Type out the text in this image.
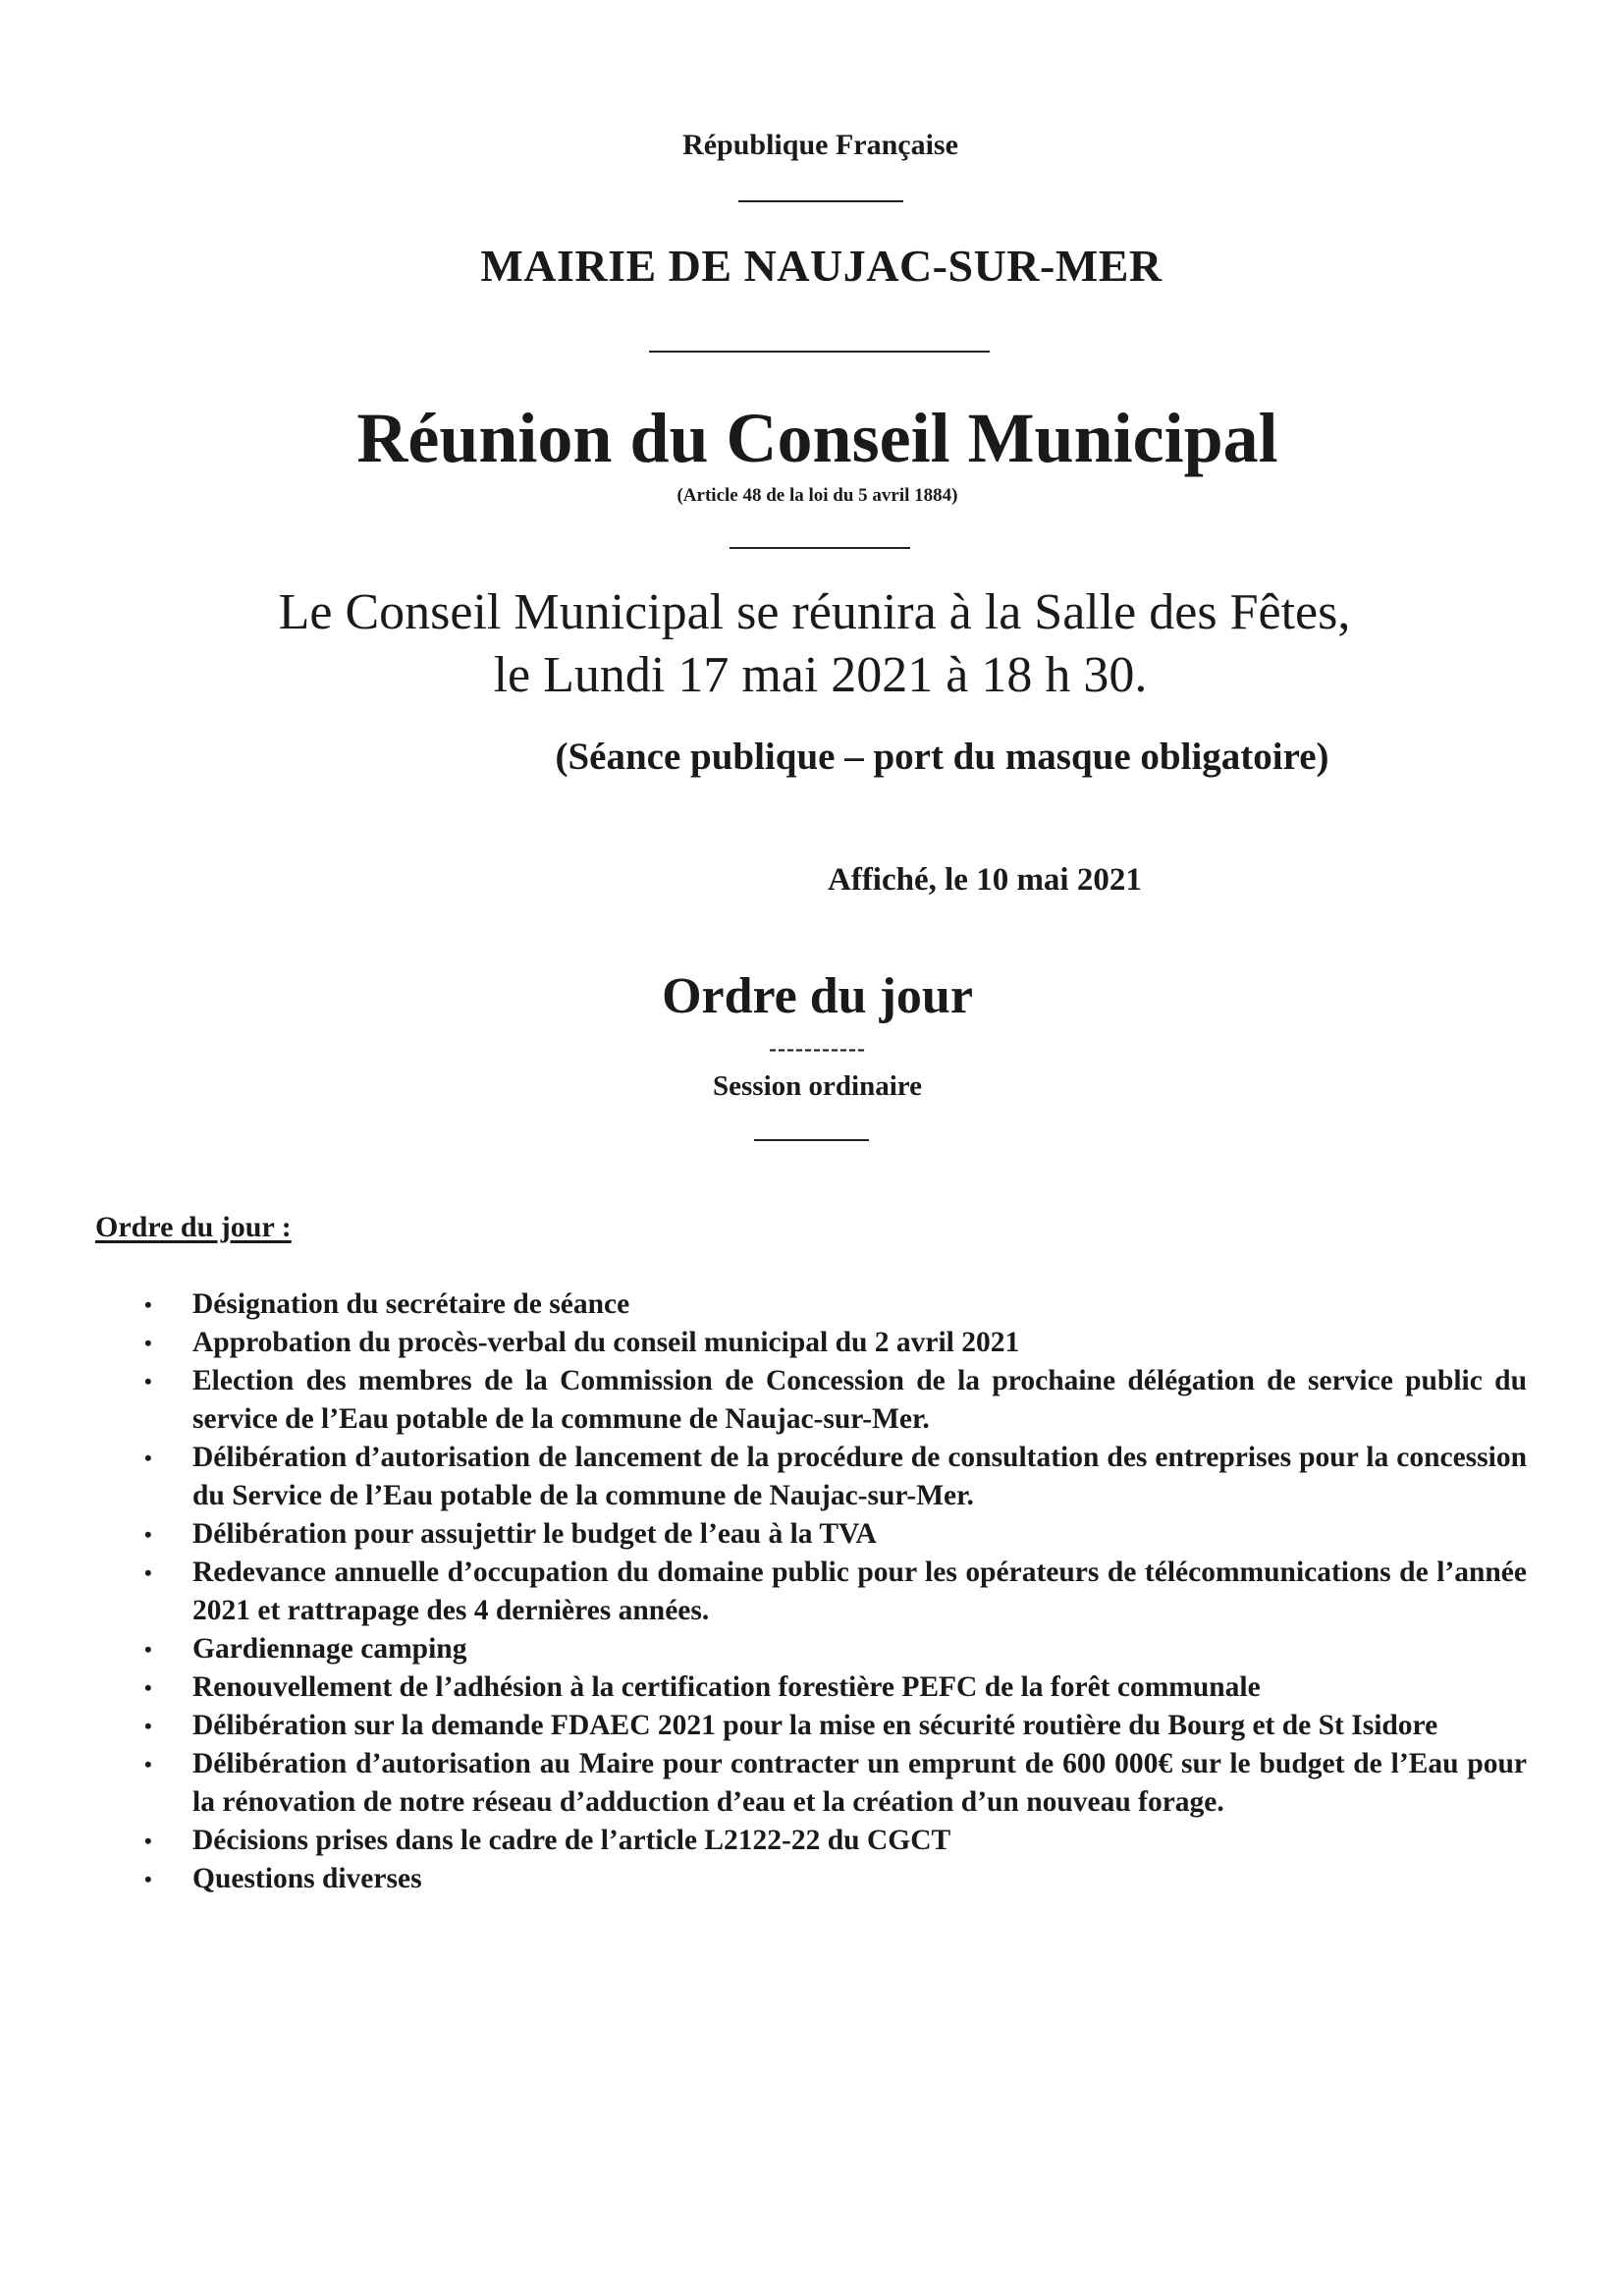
République Française
MAIRIE DE NAUJAC-SUR-MER
Réunion du Conseil Municipal
(Article 48 de la loi du 5 avril 1884)
Le Conseil Municipal se réunira à la Salle des Fêtes,
le Lundi 17 mai 2021 à 18 h 30.
(Séance publique – port du masque obligatoire)
Affiché, le 10 mai 2021
Ordre du jour
-----------
Session ordinaire
Ordre du jour :
• Désignation du secrétaire de séance
• Approbation du procès-verbal du conseil municipal du 2 avril 2021
• Election des membres de la Commission de Concession de la prochaine délégation de service public du service de l’Eau potable de la commune de Naujac-sur-Mer.
• Délibération d’autorisation de lancement de la procédure de consultation des entreprises pour la concession du Service de l’Eau potable de la commune de Naujac-sur-Mer.
• Délibération pour assujettir le budget de l’eau à la TVA
• Redevance annuelle d’occupation du domaine public pour les opérateurs de télécommunications de l’année 2021 et rattrapage des 4 dernières années.
• Gardiennage camping
• Renouvellement de l’adhésion à la certification forestière PEFC de la forêt communale
• Délibération sur la demande FDAEC 2021 pour la mise en sécurité routière du Bourg et de St Isidore
• Délibération d’autorisation au Maire pour contracter un emprunt de 600 000€ sur le budget de l’Eau pour la rénovation de notre réseau d’adduction d’eau et la création d’un nouveau forage.
• Décisions prises dans le cadre de l’article L2122-22 du CGCT
• Questions diverses
